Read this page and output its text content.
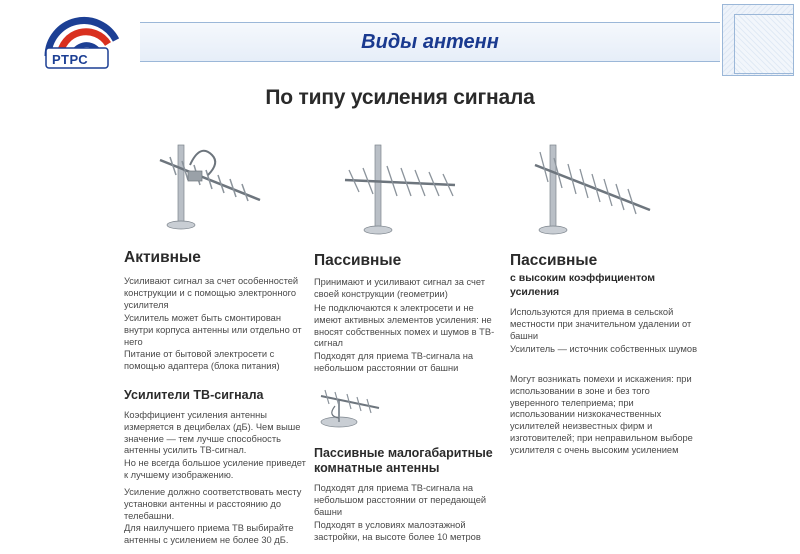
РТРС
Виды антенн
По типу усиления сигнала
Активные
Усиливают сигнал за счет особенностей конструкции и с помощью электронного усилителя
Усилитель может быть смонтирован внутри корпуса антенны или отдельно от него
Питание от бытовой электросети с помощью адаптера (блока питания)
Усилители ТВ-сигнала
Коэффициент усиления антенны измеряется в децибелах (дБ). Чем выше значение — тем лучше способность антенны усилить ТВ-сигнал.
Но не всегда большое усиление приведет к лучшему изображению.
Усиление должно соответствовать месту установки антенны и расстоянию до телебашни.
Для наилучшего приема ТВ выбирайте антенны с усилением не более 30 дБ.
Пассивные
Принимают и усиливают сигнал за счет своей конструкции (геометрии)
Не подключаются к электросети и не имеют активных элементов усиления: не вносят собственных помех и шумов в ТВ-сигнал
Подходят для приема ТВ-сигнала на небольшом расстоянии от башни
Пассивные малогабаритные комнатные антенны
Подходят для приема ТВ-сигнала на небольшом расстоянии от передающей башни
Подходят в условиях малоэтажной застройки, на высоте более 10 метров
Пассивные
с высоким коэффициентом усиления
Используются для приема в сельской местности при значительном удалении от башни
Усилитель — источник собственных шумов
Могут возникать помехи и искажения: при использовании в зоне и без того уверенного телеприема; при использовании низкокачественных усилителей неизвестных фирм и изготовителей; при неправильном выборе усилителя с очень высоким усилением
